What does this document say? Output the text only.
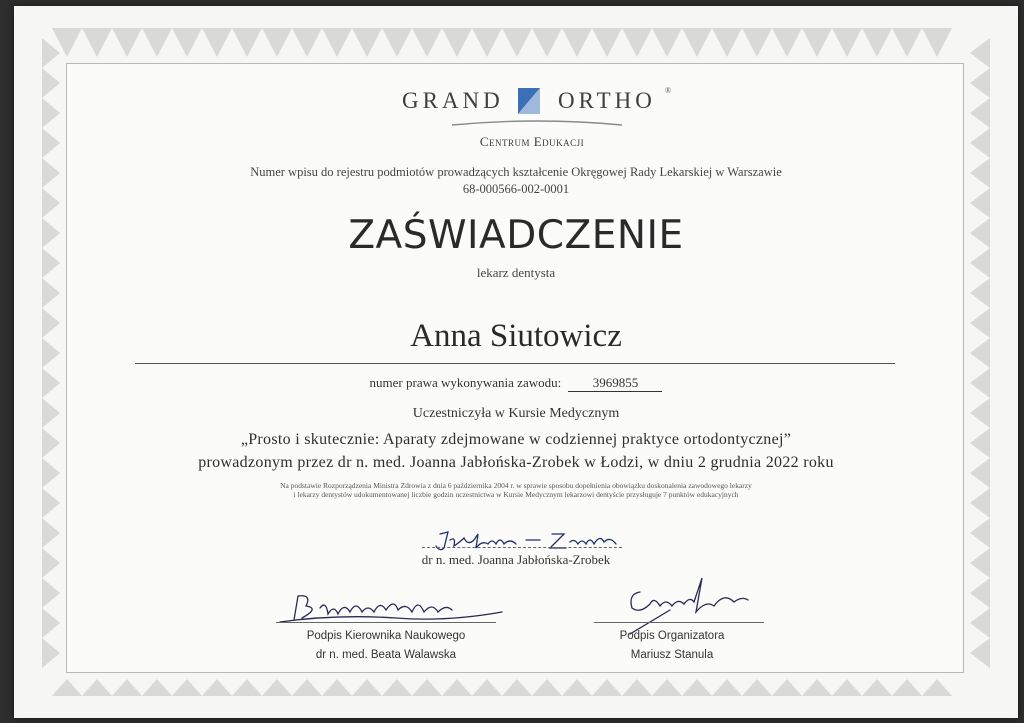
GRAND ORTHO ®
Centrum Edukacji
Numer wpisu do rejestru podmiotów prowadzących kształcenie Okręgowej Rady Lekarskiej w Warszawie
68-000566-002-0001
ZAŚWIADCZENIE
lekarz dentysta
Anna Siutowicz
numer prawa wykonywania zawodu: 3969855
Uczestniczyła w Kursie Medycznym
„Prosto i skutecznie: Aparaty zdejmowane w codziennej praktyce ortodontycznej”
prowadzonym przez dr n. med. Joanna Jabłońska-Zrobek w Łodzi, w dniu 2 grudnia 2022 roku
Na podstawie Rozporządzenia Ministra Zdrowia z dnia 6 października 2004 r. w sprawie sposobu dopełnienia obowiązku doskonalenia zawodowego lekarzy
i lekarzy dentystów udokumentowanej liczbie godzin uczestnictwa w Kursie Medycznym lekarzowi dentyście przysługuje 7 punktów edukacyjnych
dr n. med. Joanna Jabłońska-Zrobek
Podpis Kierownika Naukowego
dr n. med. Beata Walawska
Podpis Organizatora
Mariusz Stanula
